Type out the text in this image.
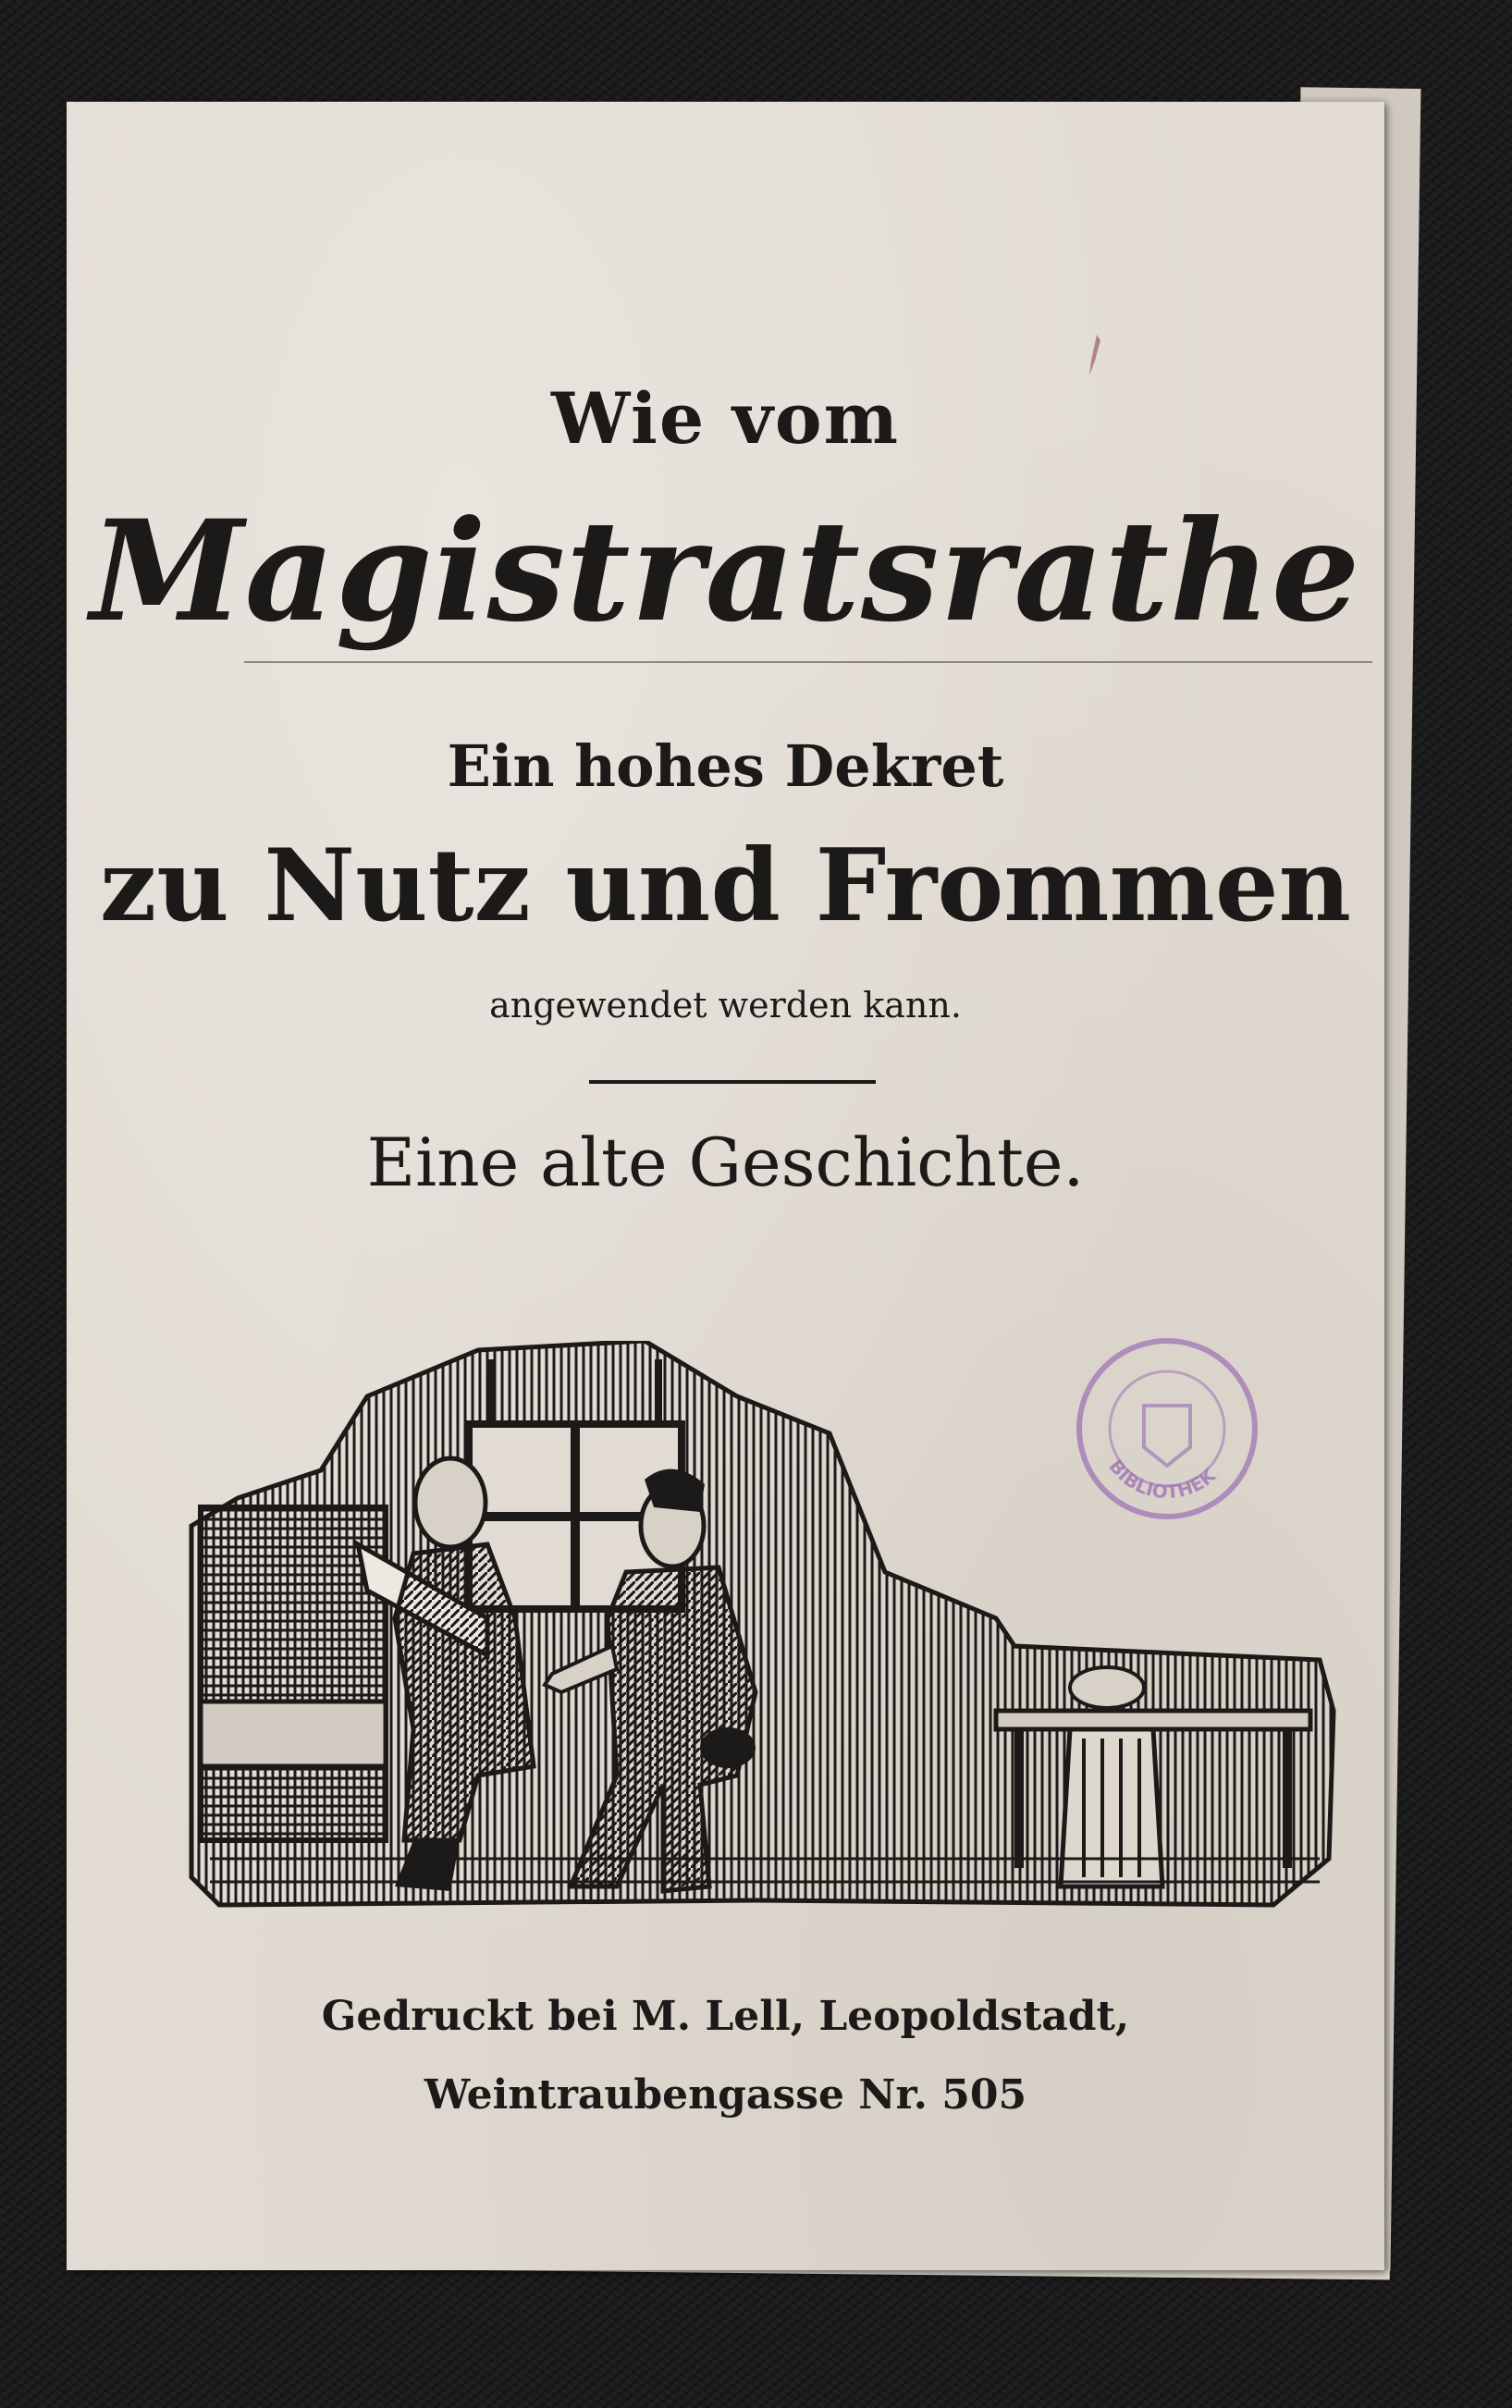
Wie vom
Magistratsrathe
Ein hohes Dekret
zu Nutz und Frommen
angewendet werden kann.
Eine alte Geschichte.
BIBLIOTHEK
Gedruckt bei M. Lell, Leopoldstadt,
Weintraubengasse Nr. 505
